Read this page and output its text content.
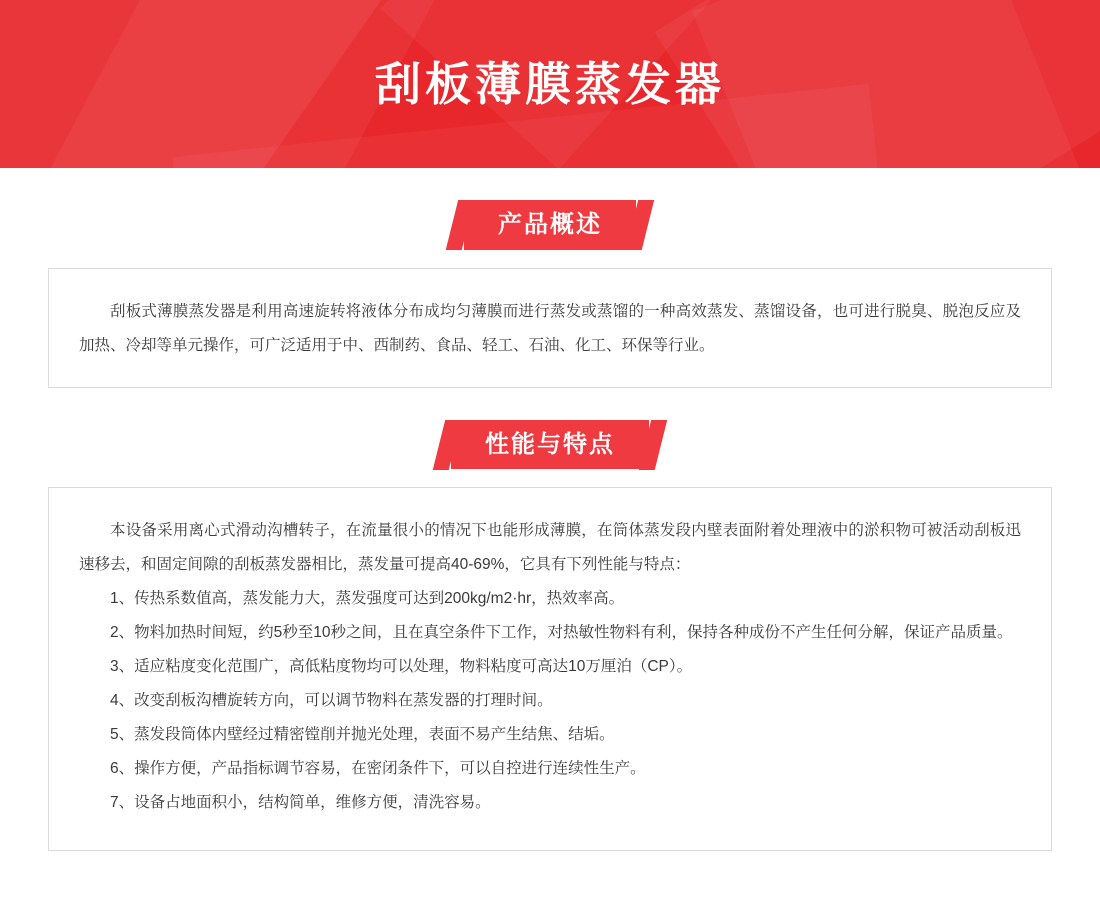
刮板薄膜蒸发器
产品概述

刮板式薄膜蒸发器是利用高速旋转将液体分布成均匀薄膜而进行蒸发或蒸馏的一种高效蒸发、蒸馏设备，也可进行脱臭、脱泡反应及加热、冷却等单元操作，可广泛适用于中、西制药、食品、轻工、石油、化工、环保等行业。

性能与特点

本设备采用离心式滑动沟槽转子，在流量很小的情况下也能形成薄膜，在筒体蒸发段内壁表面附着处理液中的淤积物可被活动刮板迅速移去，和固定间隙的刮板蒸发器相比，蒸发量可提高40-69%，它具有下列性能与特点：

1、传热系数值高，蒸发能力大，蒸发强度可达到200kg/m2·hr，热效率高。

2、物料加热时间短，约5秒至10秒之间，且在真空条件下工作，对热敏性物料有利，保持各种成份不产生任何分解，保证产品质量。

3、适应粘度变化范围广，高低粘度物均可以处理，物料粘度可高达10万厘泊（CP）。

4、改变刮板沟槽旋转方向，可以调节物料在蒸发器的打理时间。

5、蒸发段筒体内壁经过精密镗削并抛光处理，表面不易产生结焦、结垢。

6、操作方便，产品指标调节容易，在密闭条件下，可以自控进行连续性生产。

7、设备占地面积小，结构简单，维修方便，清洗容易。
